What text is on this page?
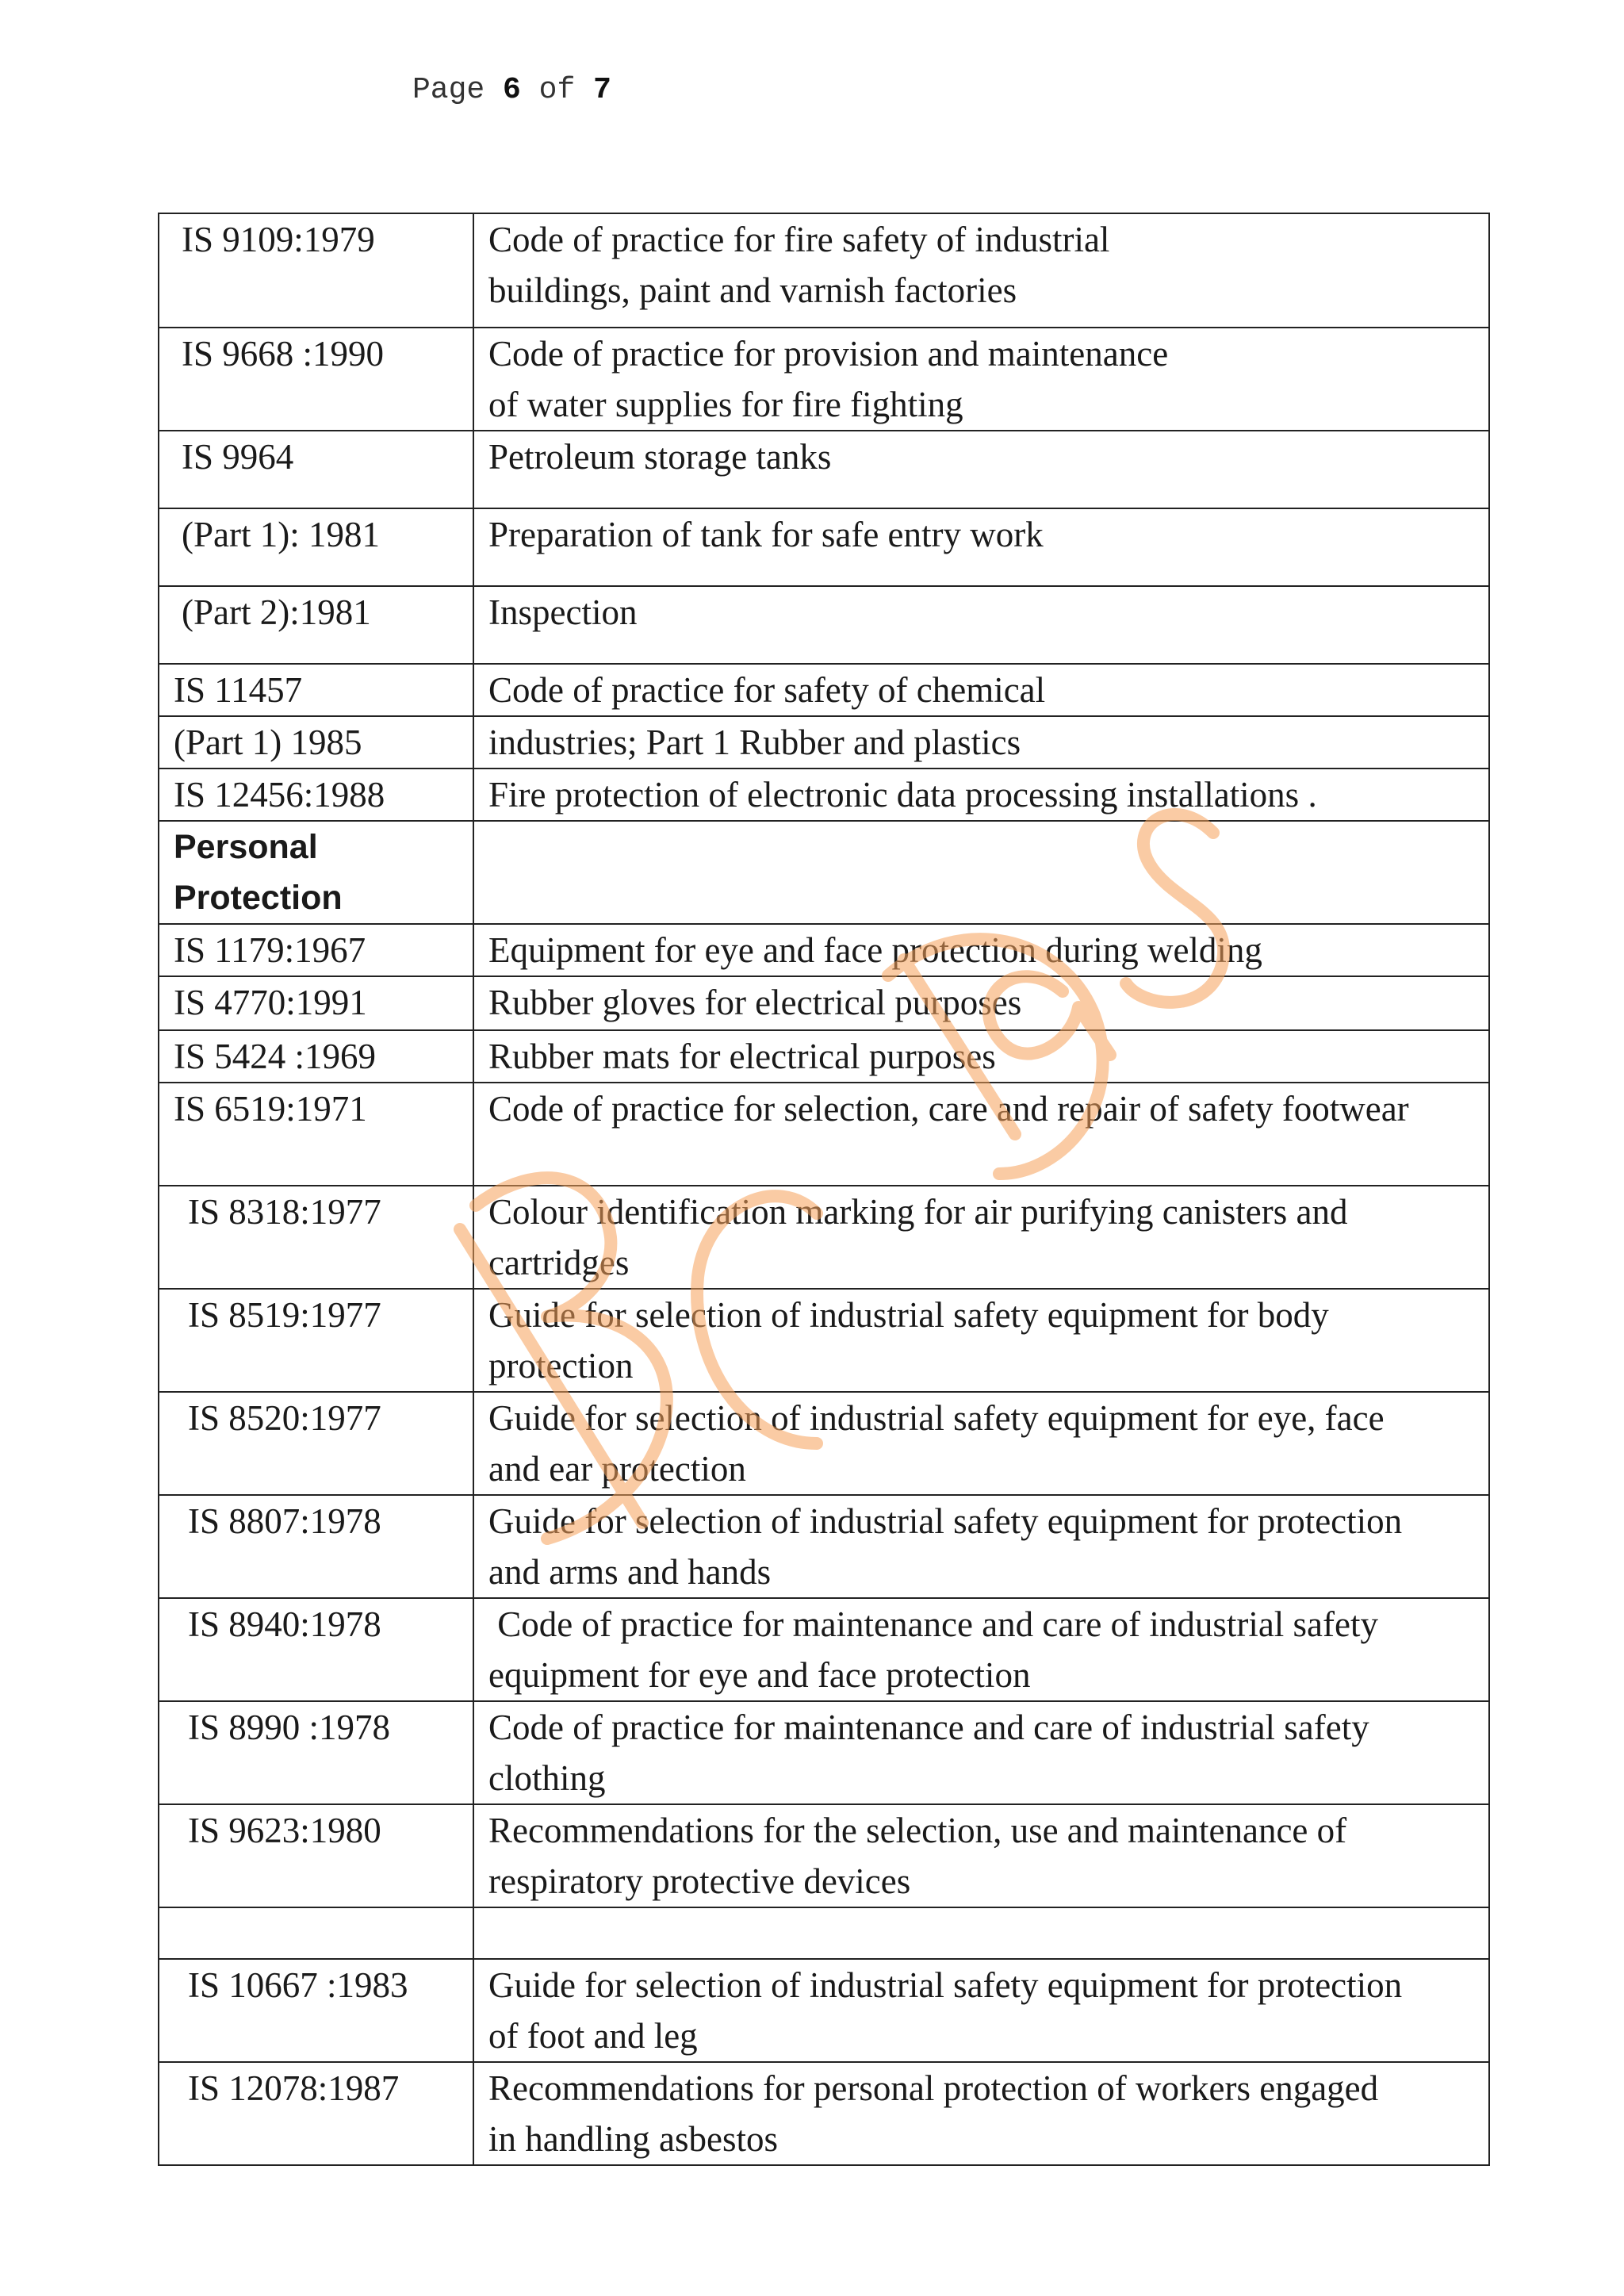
Page 6 of 7
IS 9109:1979	Code of practice for fire safety of industrial
buildings, paint and varnish factories

IS 9668 :1990	Code of practice for provision and maintenance
of water supplies for fire fighting

IS 9964	Petroleum storage tanks

(Part 1): 1981	Preparation of tank for safe entry work

(Part 2):1981	Inspection

IS 11457	Code of practice for safety of chemical

(Part 1) 1985	industries; Part 1 Rubber and plastics

IS 12456:1988	Fire protection of electronic data processing installations .

Personal
Protection	

IS 1179:1967	Equipment for eye and face protection during welding

IS 4770:1991	Rubber gloves for electrical purposes

IS 5424 :1969	Rubber mats for electrical purposes

IS 6519:1971	Code of practice for selection, care and repair of safety footwear

IS 8318:1977	Colour identification marking for air purifying canisters and
cartridges

IS 8519:1977	Guide for selection of industrial safety equipment for body
protection

IS 8520:1977	Guide for selection of industrial safety equipment for eye, face
and ear protection

IS 8807:1978	Guide for selection of industrial safety equipment for protection
and arms and hands

IS 8940:1978	Code of practice for maintenance and care of industrial safety
equipment for eye and face protection

IS 8990 :1978	Code of practice for maintenance and care of industrial safety
clothing

IS 9623:1980	Recommendations for the selection, use and maintenance of
respiratory protective devices

IS 10667 :1983	Guide for selection of industrial safety equipment for protection
of foot and leg

IS 12078:1987	Recommendations for personal protection of workers engaged
in handling asbestos
